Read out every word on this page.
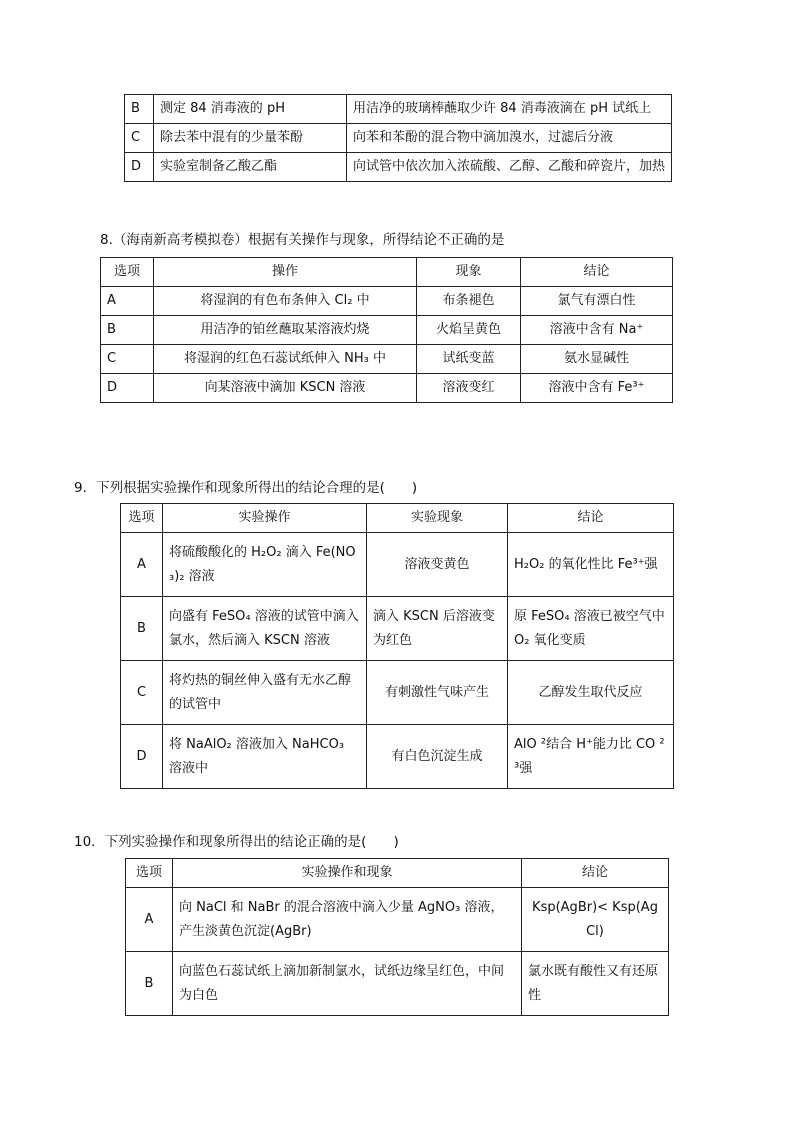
B	测定 84 消毒液的 pH	用洁净的玻璃棒蘸取少许 84 消毒液滴在 pH 试纸上
C	除去苯中混有的少量苯酚	向苯和苯酚的混合物中滴加溴水，过滤后分液
D	实验室制备乙酸乙酯	向试管中依次加入浓硫酸、乙醇、乙酸和碎瓷片，加热

8.（海南新高考模拟卷）根据有关操作与现象，所得结论不正确的是

选项	操作	现象	结论
A	将湿润的有色布条伸入 Cl₂ 中	布条褪色	氯气有漂白性
B	用洁净的铂丝蘸取某溶液灼烧	火焰呈黄色	溶液中含有 Na⁺
C	将湿润的红色石蕊试纸伸入 NH₃ 中	试纸变蓝	氨水显碱性
D	向某溶液中滴加 KSCN 溶液	溶液变红	溶液中含有 Fe³⁺

9．下列根据实验操作和现象所得出的结论合理的是(　　)

选项	实验操作	实验现象	结论
A	将硫酸酸化的 H₂O₂ 滴入 Fe(NO₃)₂ 溶液	溶液变黄色	H₂O₂ 的氧化性比 Fe³⁺强
B	向盛有 FeSO₄ 溶液的试管中滴入氯水，然后滴入 KSCN 溶液	滴入 KSCN 后溶液变为红色	原 FeSO₄ 溶液已被空气中 O₂ 氧化变质
C	将灼热的铜丝伸入盛有无水乙醇的试管中	有刺激性气味产生	乙醇发生取代反应
D	将 NaAlO₂ 溶液加入 NaHCO₃ 溶液中	有白色沉淀生成	AlO ²结合 H⁺能力比 CO ²³强

10．下列实验操作和现象所得出的结论正确的是(　　)

选项	实验操作和现象	结论
A	向 NaCl 和 NaBr 的混合溶液中滴入少量 AgNO₃ 溶液，产生淡黄色沉淀(AgBr)	Ksp(AgBr)< Ksp(AgCl)
B	向蓝色石蕊试纸上滴加新制氯水，试纸边缘呈红色，中间为白色	氯水既有酸性又有还原性
